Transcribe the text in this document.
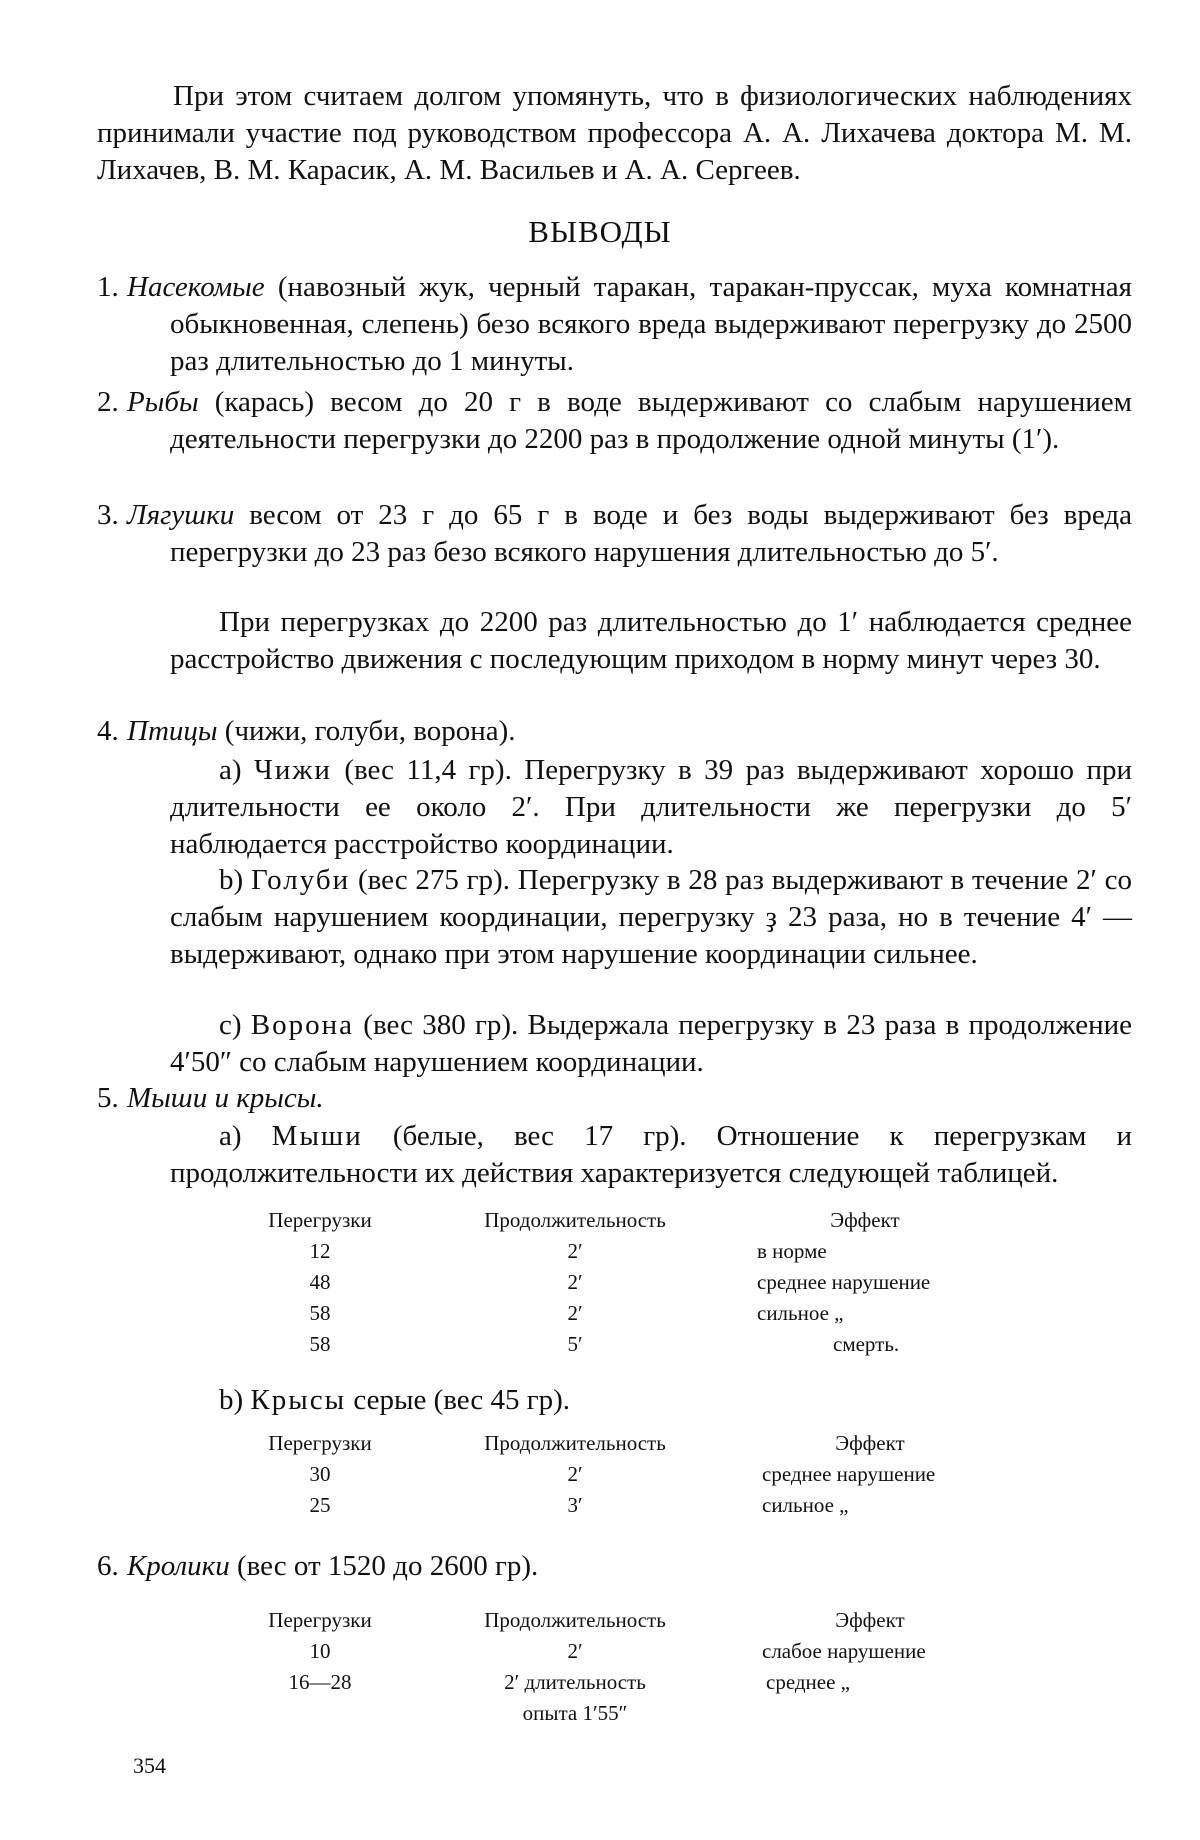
При этом считаем долгом упомянуть, что в физиологических наблюдениях принимали участие под руководством профессора А. А. Лихачева доктора М. М. Лихачев, В. М. Карасик, А. М. Васильев и А. А. Сергеев.
ВЫВОДЫ
1. Насекомые (навозный жук, черный таракан, таракан-пруссак, муха комнатная обыкновенная, слепень) безо всякого вреда выдерживают перегрузку до 2500 раз длительностью до 1 минуты.
2. Рыбы (карась) весом до 20 г в воде выдерживают со слабым нарушением деятельности перегрузки до 2200 раз в продолжение одной минуты (1′).
3. Лягушки весом от 23 г до 65 г в воде и без воды выдерживают без вреда перегрузки до 23 раз безо всякого нарушения длительностью до 5′.
При перегрузках до 2200 раз длительностью до 1′ наблюдается среднее расстройство движения с последующим приходом в норму минут через 30.
4. Птицы (чижи, голуби, ворона).
a) Чижи (вес 11,4 гр). Перегрузку в 39 раз выдерживают хорошо при длительности ее около 2′. При длительности же перегрузки до 5′ наблюдается расстройство координации.
b) Голуби (вес 275 гр). Перегрузку в 28 раз выдерживают в течение 2′ со слабым нарушением координации, перегрузку ҙ 23 раза, но в течение 4′ — выдерживают, однако при этом нарушение координации сильнее.
c) Ворона (вес 380 гр). Выдержала перегрузку в 23 раза в продолжение 4′50″ со слабым нарушением координации.
5. Мыши и крысы.
a) Мыши (белые, вес 17 гр). Отношение к перегрузкам и продолжительности их действия характеризуется следующей таблицей.
Перегрузки	Продолжительность	Эффект
12	2′	в норме
48	2′	среднее нарушение
58	2′	сильное „
58	5′	смерть.
b) Крысы серые (вес 45 гр).
Перегрузки	Продолжительность	Эффект
30	2′	среднее нарушение
25	3′	сильное „
6. Кролики (вес от 1520 до 2600 гр).
Перегрузки	Продолжительность	Эффект
10	2′	слабое нарушение
16—28	2′ длительность	среднее „
опыта 1′55″
354
